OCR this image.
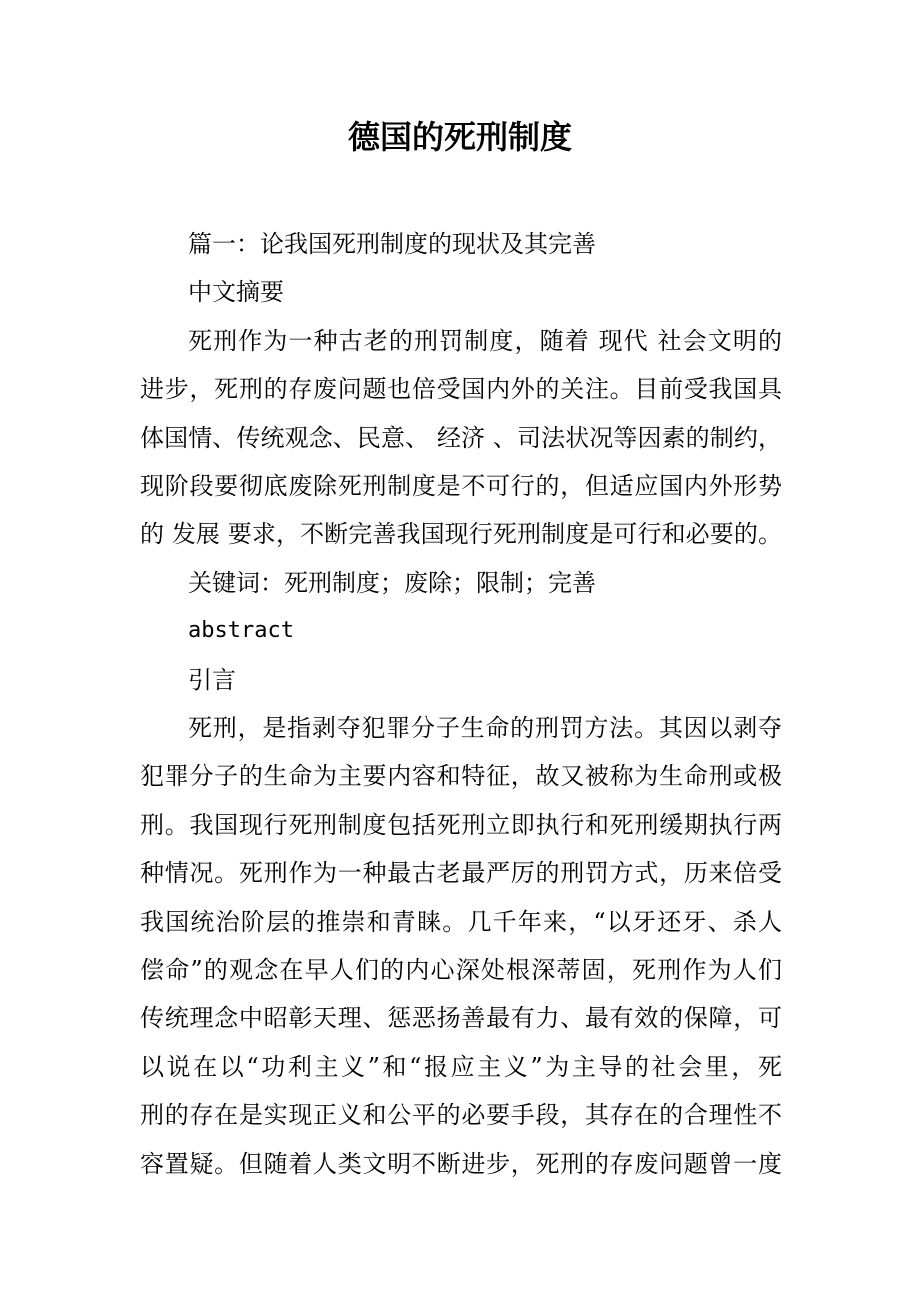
德国的死刑制度
篇一：论我国死刑制度的现状及其完善
中文摘要
死刑作为一种古老的刑罚制度，随着 现代 社会文明的
进步，死刑的存废问题也倍受国内外的关注。目前受我国具
体国情、传统观念、民意、 经济 、司法状况等因素的制约，
现阶段要彻底废除死刑制度是不可行的，但适应国内外形势
的 发展 要求，不断完善我国现行死刑制度是可行和必要的。
关键词：死刑制度；废除；限制；完善
abstract
引言
死刑，是指剥夺犯罪分子生命的刑罚方法。其因以剥夺
犯罪分子的生命为主要内容和特征，故又被称为生命刑或极
刑。我国现行死刑制度包括死刑立即执行和死刑缓期执行两
种情况。死刑作为一种最古老最严厉的刑罚方式，历来倍受
我国统治阶层的推崇和青睐。几千年来，“以牙还牙、杀人
偿命”的观念在早人们的内心深处根深蒂固，死刑作为人们
传统理念中昭彰天理、惩恶扬善最有力、最有效的保障，可
以说在以“功利主义”和“报应主义”为主导的社会里，死
刑的存在是实现正义和公平的必要手段，其存在的合理性不
容置疑。但随着人类文明不断进步，死刑的存废问题曾一度
